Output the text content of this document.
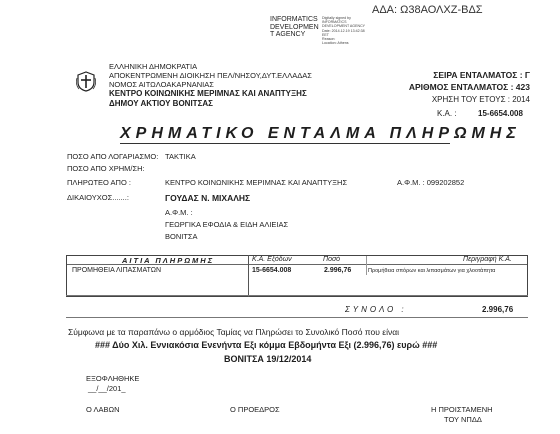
ΑΔΑ: Ω38ΑΟΛΧΖ-ΒΔΣ
INFORMATICS
DEVELOPMEN
T AGENCY
Digitally signed by
INFORMATICS
DEVELOPMENT AGENCY
Date: 2014.12.19 13:42:38
EET
Reason:
Location: Athens
ΕΛΛΗΝΙΚΗ ΔΗΜΟΚΡΑΤΙΑ
ΑΠΟΚΕΝΤΡΩΜΕΝΗ ΔΙΟΙΚΗΣΗ ΠΕΛ/ΝΗΣΟΥ,ΔΥΤ.ΕΛΛΑΔΑΣ
ΝΟΜΟΣ ΑΙΤΩΛΟΑΚΑΡΝΑΝΙΑΣ
ΚΕΝΤΡΟ ΚΟΙΝΩΝΙΚΗΣ ΜΕΡΙΜΝΑΣ ΚΑΙ ΑΝΑΠΤΥΞΗΣ
ΔΗΜΟΥ ΑΚΤΙΟΥ ΒΟΝΙΤΣΑΣ
ΣΕΙΡΑ ΕΝΤΑΛΜΑΤΟΣ : Γ
ΑΡΙΘΜΟΣ ΕΝΤΑΛΜΑΤΟΣ : 423
ΧΡΗΣΗ ΤΟΥ ΕΤΟΥΣ : 2014
Κ.Α. :	15-6654.008
ΧΡΗΜΑΤΙΚΟ ΕΝΤΑΛΜΑ ΠΛΗΡΩΜΗΣ
ΠΟΣΟ ΑΠΟ ΛΟΓΑΡΙΑΣΜΟ: ΤΑΚΤΙΚΑ
ΠΟΣΟ ΑΠΟ ΧΡΗΜ/ΣΗ:
ΠΛΗΡΩΤΕΟ ΑΠΟ :	ΚΕΝΤΡΟ ΚΟΙΝΩΝΙΚΗΣ ΜΕΡΙΜΝΑΣ ΚΑΙ ΑΝΑΠΤΥΞΗΣ	Α.Φ.Μ. : 099202852
ΔΙΚΑΙΟΥΧΟΣ.......:	ΓΟΥΔΑΣ Ν. ΜΙΧΑΛΗΣ
Α.Φ.Μ. :
ΓΕΩΡΓΙΚΑ ΕΦΟΔΙΑ & ΕΙΔΗ ΑΛΙΕΙΑΣ
ΒΟΝΙΤΣΑ
ΑΙΤΙΑ ΠΛΗΡΩΜΗΣ	Κ.Α. Εξόδων	Ποσό	Περιγραφή Κ.Α.
ΠΡΟΜΗΘΕΙΑ ΛΙΠΑΣΜΑΤΩΝ	15-6654.008	2.996,76	Προμήθεια σπόρων και λιπασμάτων για χλοοτάπητα
ΣΥΝΟΛΟ :	2.996,76
Σύμφωνα με τα παραπάνω ο αρμόδιος Ταμίας να Πληρώσει το Συνολικό Ποσό που είναι
### Δύο Χιλ. Εννιακόσια Ενενήντα Εξι κόμμα Εβδομήντα Εξι (2.996,76) ευρώ ###
ΒΟΝΙΤΣΑ 19/12/2014
ΕΞΟΦΛΗΘΗΚΕ
__/__/201_
Ο ΛΑΒΩΝ	Ο ΠΡΟΕΔΡΟΣ	Η ΠΡΟΙΣΤΑΜΕΝΗ
ΤΟΥ ΝΠΔΔ
